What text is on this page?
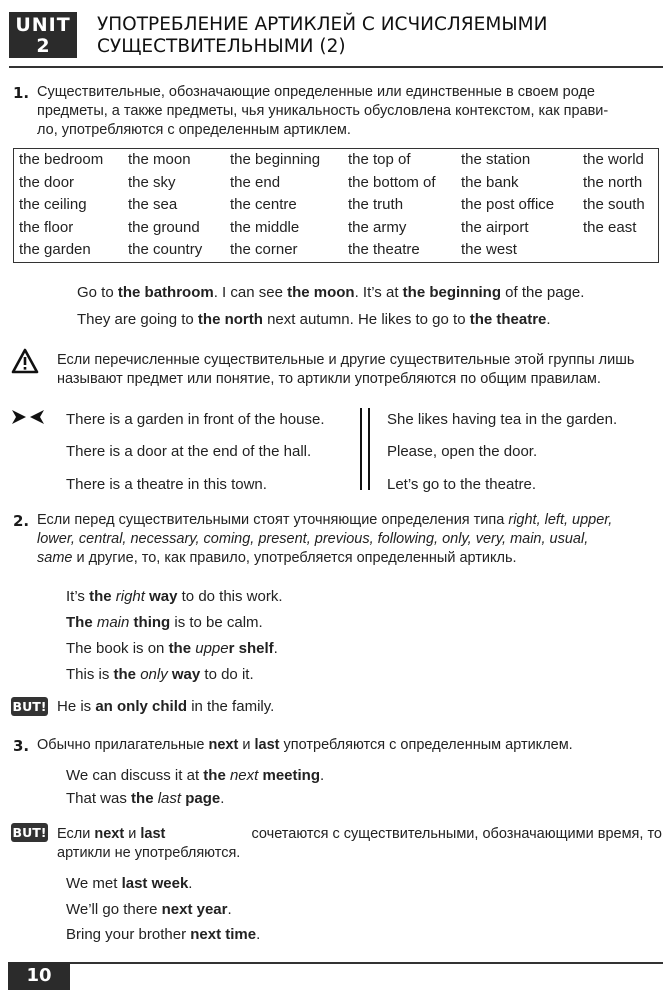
UNIT
2
УПОТРЕБЛЕНИЕ АРТИКЛЕЙ С ИСЧИСЛЯЕМЫМИ
СУЩЕСТВИТЕЛЬНЫМИ (2)
1. Существительные, обозначающие определенные или единственные в своем роде
предметы, а также предметы, чья уникальность обусловлена контекстом, как прави-
ло, употребляются с определенным артиклем.
the bedroom	the moon	the beginning	the top of	the station	the world
the door	the sky	the end	the bottom of	the bank	the north
the ceiling	the sea	the centre	the truth	the post office	the south
the floor	the ground	the middle	the army	the airport	the east
the garden	the country	the corner	the theatre	the west	
Go to the bathroom. I can see the moon. It’s at the beginning of the page.
They are going to the north next autumn. He likes to go to the theatre.
Если перечисленные существительные и другие существительные этой группы лишь
называют предмет или понятие, то артикли употребляются по общим правилам.
There is a garden in front of the house.
There is a door at the end of the hall.
There is a theatre in this town.
She likes having tea in the garden.
Please, open the door.
Let’s go to the theatre.
2. Если перед существительными стоят уточняющие определения типа right, left, upper,
lower, central, necessary, coming, present, previous, following, only, very, main, usual,
same и другие, то, как правило, употребляется определенный артикль.
It’s the right way to do this work.
The main thing is to be calm.
The book is on the upper shelf.
This is the only way to do it.
BUT! He is an only child in the family.
3. Обычно прилагательные next и last употребляются с определенным артиклем.
We can discuss it at the next meeting.
That was the last page.
BUT! Если next и last	сочетаются с существительными, обозначающими время, то
артикли не употребляются.
We met last week.
We’ll go there next year.
Bring your brother next time.
10
